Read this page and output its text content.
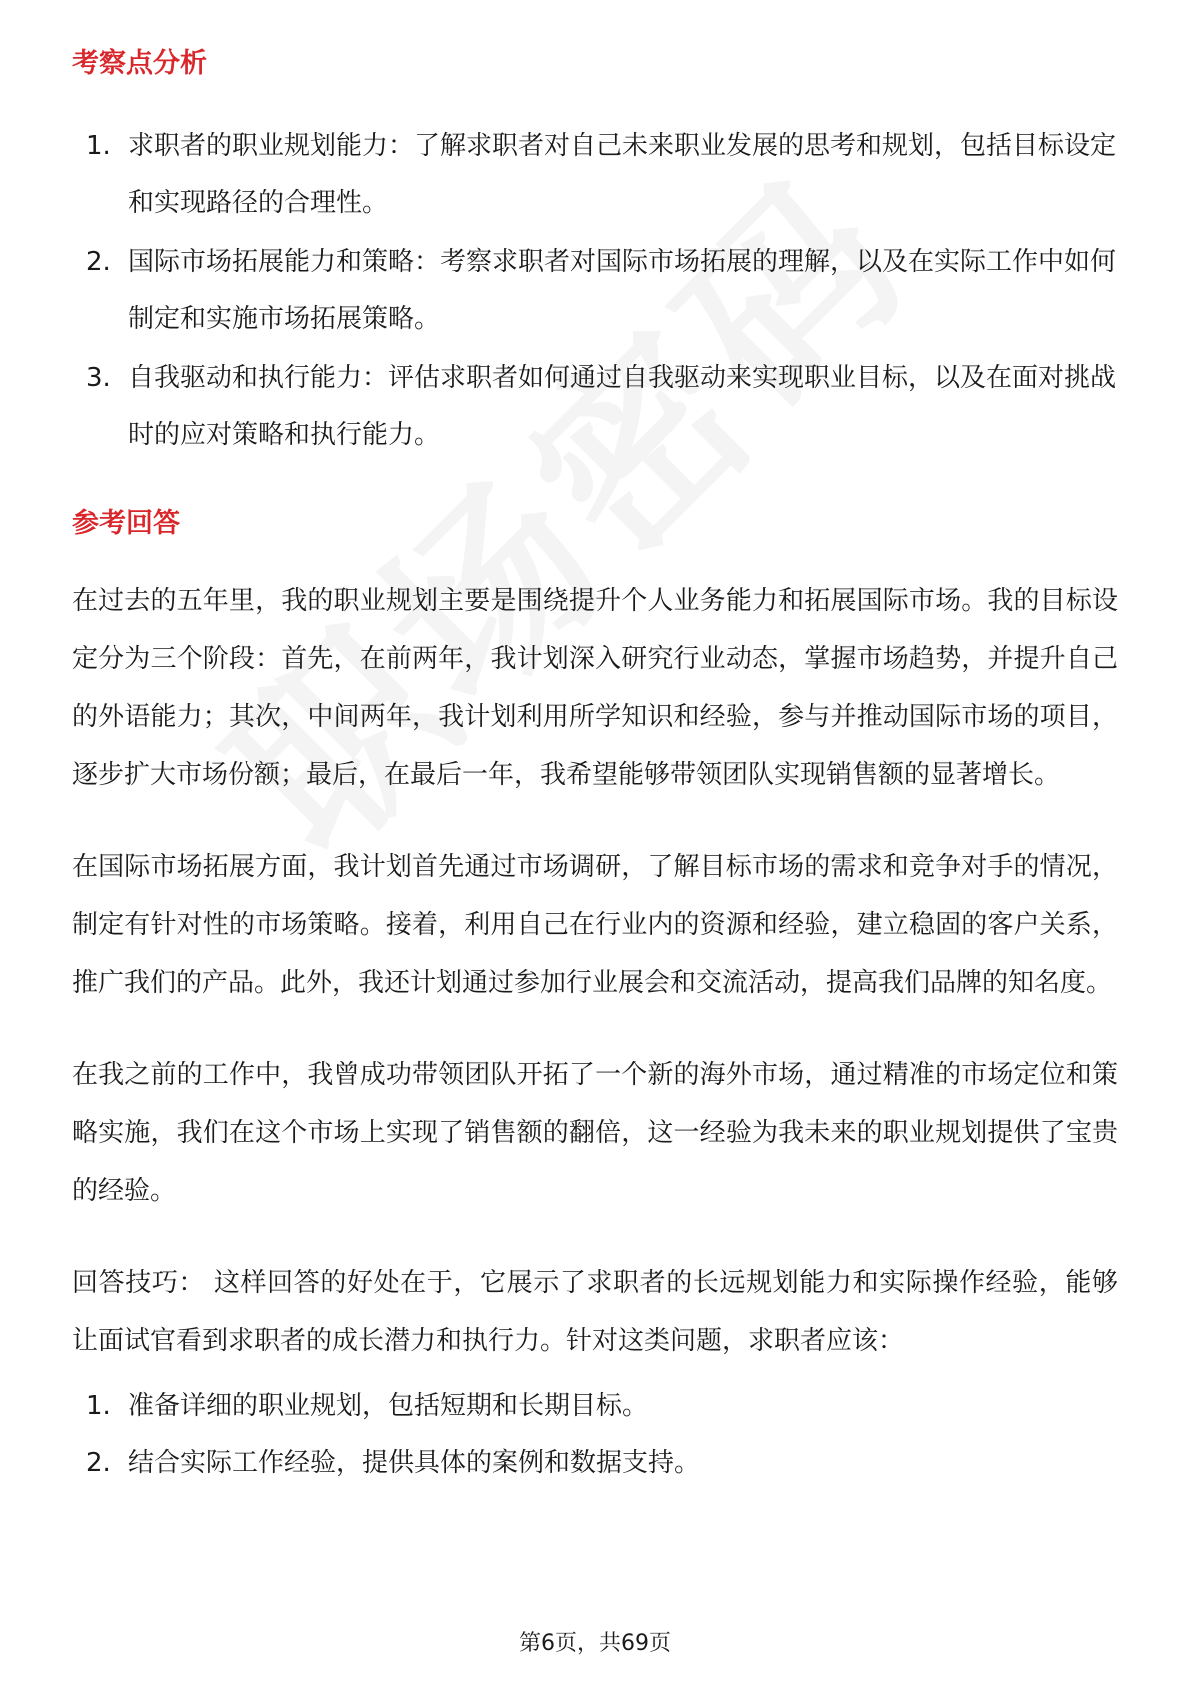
考察点分析
1. 求职者的职业规划能力：了解求职者对自己未来职业发展的思考和规划，包括目标设定和实现路径的合理性。
2. 国际市场拓展能力和策略：考察求职者对国际市场拓展的理解，以及在实际工作中如何制定和实施市场拓展策略。
3. 自我驱动和执行能力：评估求职者如何通过自我驱动来实现职业目标，以及在面对挑战时的应对策略和执行能力。
参考回答

在过去的五年里，我的职业规划主要是围绕提升个人业务能力和拓展国际市场。我的目标设定分为三个阶段：首先，在前两年，我计划深入研究行业动态，掌握市场趋势，并提升自己的外语能力；其次，中间两年，我计划利用所学知识和经验，参与并推动国际市场的项目，逐步扩大市场份额；最后，在最后一年，我希望能够带领团队实现销售额的显著增长。

在国际市场拓展方面，我计划首先通过市场调研，了解目标市场的需求和竞争对手的情况，制定有针对性的市场策略。接着，利用自己在行业内的资源和经验，建立稳固的客户关系，推广我们的产品。此外，我还计划通过参加行业展会和交流活动，提高我们品牌的知名度。

在我之前的工作中，我曾成功带领团队开拓了一个新的海外市场，通过精准的市场定位和策略实施，我们在这个市场上实现了销售额的翻倍，这一经验为我未来的职业规划提供了宝贵的经验。

回答技巧： 这样回答的好处在于，它展示了求职者的长远规划能力和实际操作经验，能够让面试官看到求职者的成长潜力和执行力。针对这类问题，求职者应该：

1. 准备详细的职业规划，包括短期和长期目标。
2. 结合实际工作经验，提供具体的案例和数据支持。
第6页，共69页
